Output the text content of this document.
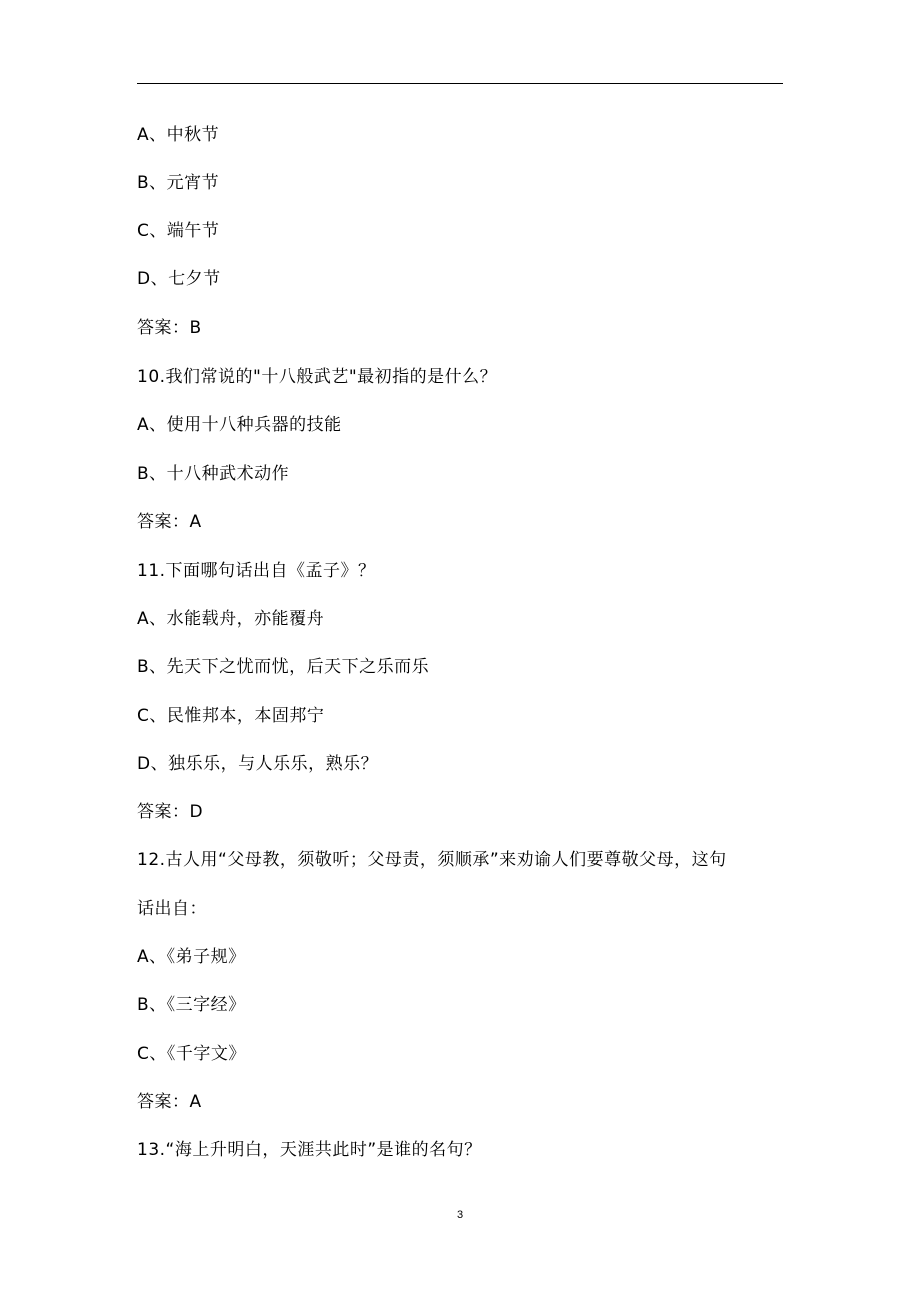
A、中秋节
B、元宵节
C、端午节
D、七夕节
答案：B
10.我们常说的"十八般武艺"最初指的是什么？
A、使用十八种兵器的技能
B、十八种武术动作
答案：A
11.下面哪句话出自《孟子》？
A、水能载舟，亦能覆舟
B、先天下之忧而忧，后天下之乐而乐
C、民惟邦本，本固邦宁
D、独乐乐，与人乐乐，熟乐？
答案：D
12.古人用“父母教，须敬听；父母责，须顺承”来劝谕人们要尊敬父母，这句
话出自：
A、《弟子规》
B、《三字经》
C、《千字文》
答案：A
13.“海上升明白，天涯共此时”是谁的名句？
3
